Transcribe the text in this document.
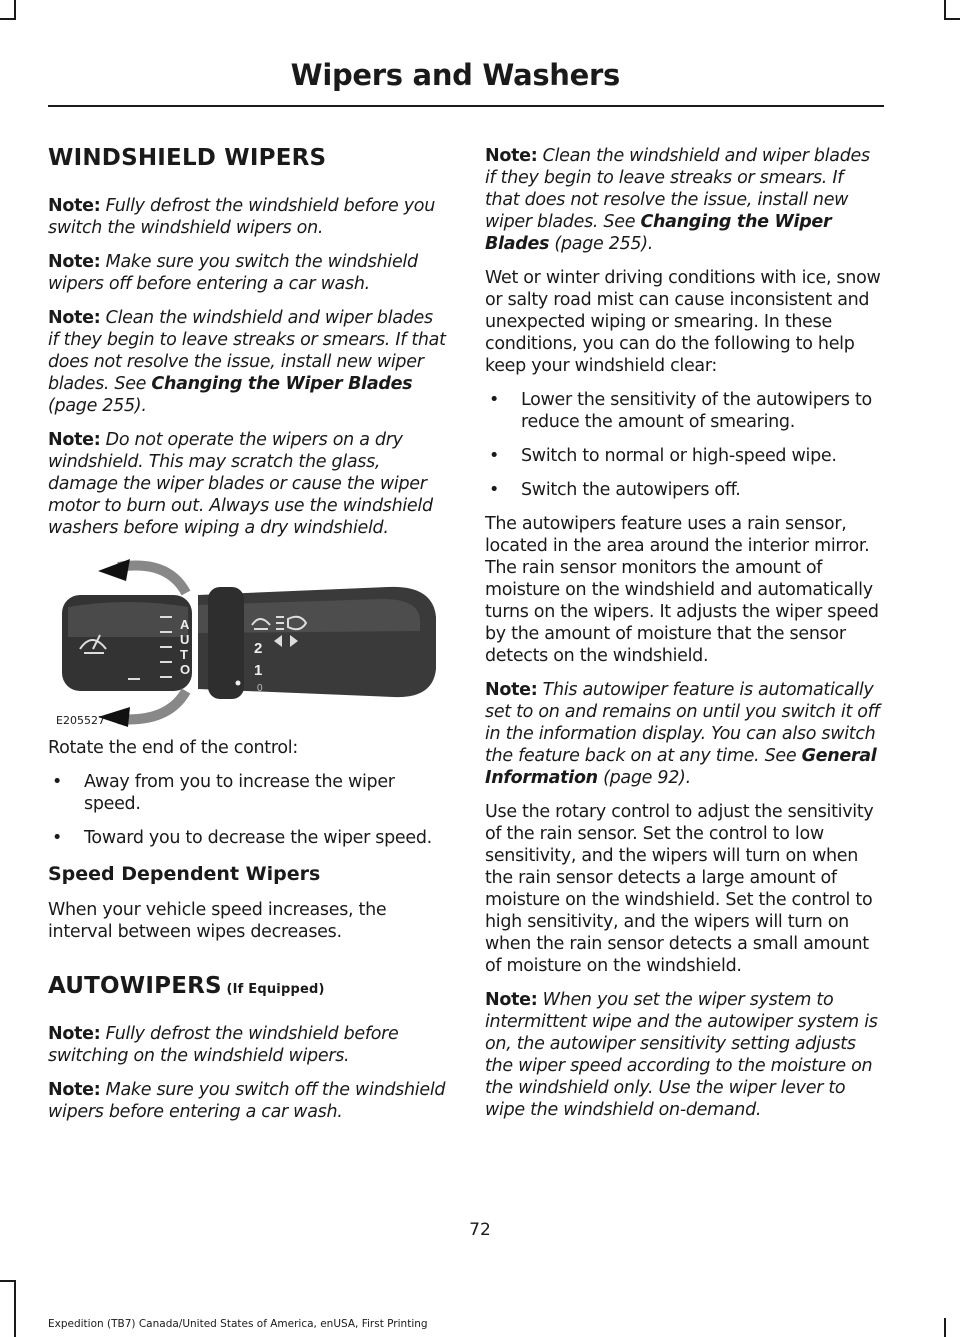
Wipers and Washers
WINDSHIELD WIPERS

Note: Fully defrost the windshield before you switch the windshield wipers on.

Note: Make sure you switch the windshield wipers off before entering a car wash.

Note: Clean the windshield and wiper blades if they begin to leave streaks or smears. If that does not resolve the issue, install new wiper blades. See Changing the Wiper Blades (page 255).

Note: Do not operate the wipers on a dry windshield. This may scratch the glass, damage the wiper blades or cause the wiper motor to burn out. Always use the windshield washers before wiping a dry windshield.

A
U
T
O
2
1
0
E205527

Rotate the end of the control:

• Away from you to increase the wiper speed.
• Toward you to decrease the wiper speed.
Speed Dependent Wipers

When your vehicle speed increases, the interval between wipes decreases.

AUTOWIPERS (If Equipped)

Note: Fully defrost the windshield before switching on the windshield wipers.

Note: Make sure you switch off the windshield wipers before entering a car wash.

Note: Clean the windshield and wiper blades if they begin to leave streaks or smears. If that does not resolve the issue, install new wiper blades. See Changing the Wiper Blades (page 255).

Wet or winter driving conditions with ice, snow or salty road mist can cause inconsistent and unexpected wiping or smearing. In these conditions, you can do the following to help keep your windshield clear:

• Lower the sensitivity of the autowipers to reduce the amount of smearing.
• Switch to normal or high-speed wipe.
• Switch the autowipers off.

The autowipers feature uses a rain sensor, located in the area around the interior mirror. The rain sensor monitors the amount of moisture on the windshield and automatically turns on the wipers. It adjusts the wiper speed by the amount of moisture that the sensor detects on the windshield.

Note: This autowiper feature is automatically set to on and remains on until you switch it off in the information display. You can also switch the feature back on at any time. See General Information (page 92).

Use the rotary control to adjust the sensitivity of the rain sensor. Set the control to low sensitivity, and the wipers will turn on when the rain sensor detects a large amount of moisture on the windshield. Set the control to high sensitivity, and the wipers will turn on when the rain sensor detects a small amount of moisture on the windshield.

Note: When you set the wiper system to intermittent wipe and the autowiper system is on, the autowiper sensitivity setting adjusts the wiper speed according to the moisture on the windshield only. Use the wiper lever to wipe the windshield on-demand.

72
Expedition (TB7) Canada/United States of America, enUSA, First Printing
